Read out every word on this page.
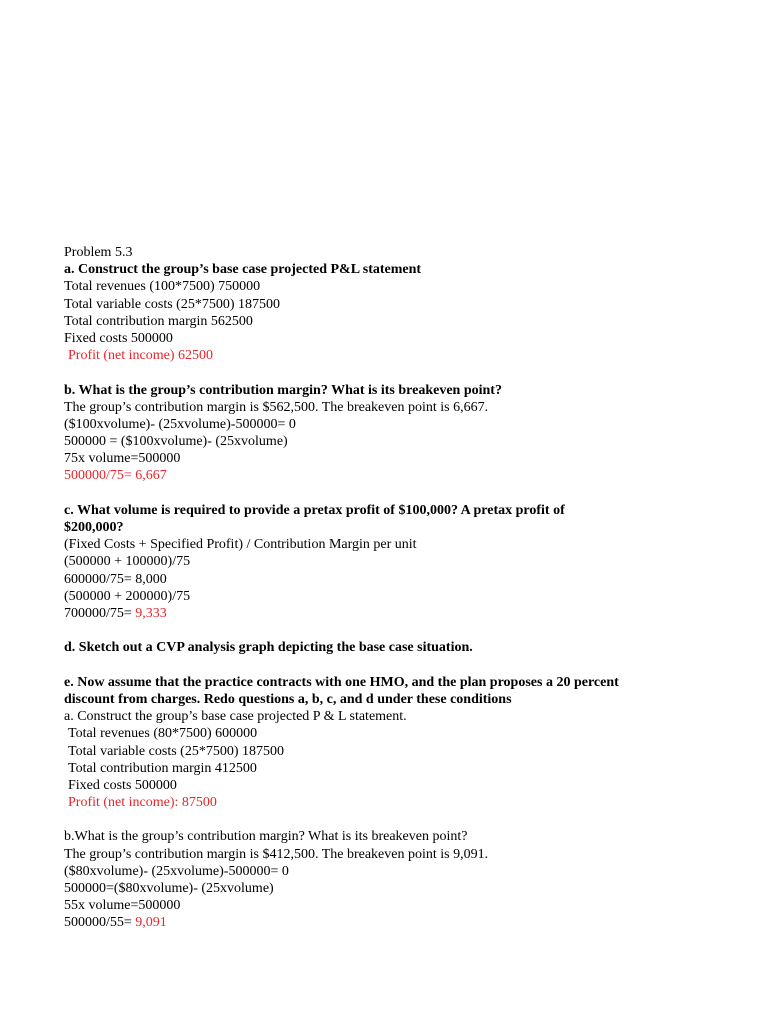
Problem 5.3
a. Construct the group’s base case projected P&L statement
Total revenues (100*7500) 750000
Total variable costs (25*7500) 187500
Total contribution margin 562500
Fixed costs 500000
Profit (net income) 62500
b. What is the group’s contribution margin? What is its breakeven point?
The group’s contribution margin is $562,500. The breakeven point is 6,667.
($100xvolume)- (25xvolume)-500000= 0
500000 = ($100xvolume)- (25xvolume)
75x volume=500000
500000/75= 6,667
c. What volume is required to provide a pretax profit of $100,000? A pretax profit of $200,000?
(Fixed Costs + Specified Profit) / Contribution Margin per unit
(500000 + 100000)/75
600000/75= 8,000
(500000 + 200000)/75
700000/75= 9,333
d. Sketch out a CVP analysis graph depicting the base case situation.
e. Now assume that the practice contracts with one HMO, and the plan proposes a 20 percent discount from charges. Redo questions a, b, c, and d under these conditions
a. Construct the group’s base case projected P & L statement.
Total revenues (80*7500) 600000
Total variable costs (25*7500) 187500
Total contribution margin 412500
Fixed costs 500000
Profit (net income): 87500
b.What is the group’s contribution margin? What is its breakeven point?
The group’s contribution margin is $412,500. The breakeven point is 9,091.
($80xvolume)- (25xvolume)-500000= 0
500000=($80xvolume)- (25xvolume)
55x volume=500000
500000/55= 9,091
